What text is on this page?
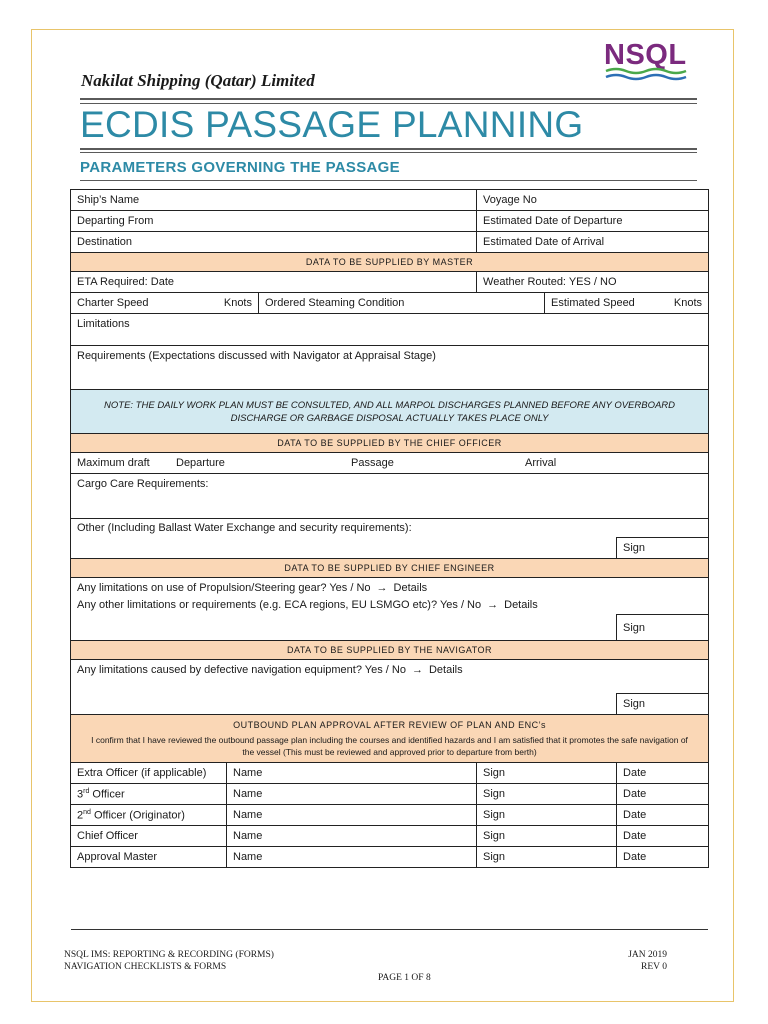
Nakilat Shipping (Qatar) Limited
NSQL
ECDIS PASSAGE PLANNING
PARAMETERS GOVERNING THE PASSAGE
Ship’s Name			Voyage No		
Departing From			Estimated Date of Departure		
Destination			Estimated Date of Arrival		
DATA TO BE SUPPLIED BY MASTER					
ETA Required: Date			Weather Routed: YES / NO		

Charter Speed Knots		Ordered Steaming Condition		Estimated Speed Knots	

Limitations					
Requirements (Expectations discussed with Navigator at Appraisal Stage)					
NOTE: THE DAILY WORK PLAN MUST BE CONSULTED, AND ALL MARPOL DISCHARGES PLANNED BEFORE ANY OVERBOARD DISCHARGE OR GARBAGE DISPOSAL ACTUALLY TAKES PLACE ONLY					
DATA TO BE SUPPLIED BY THE CHIEF OFFICER					
Maximum draft Departure Passage Arrival					

Cargo Care Requirements:					
Other (Including Ballast Water Exchange and security requirements):					
					Sign
DATA TO BE SUPPLIED BY CHIEF ENGINEER					

Any limitations on use of Propulsion/Steering gear? Yes / No → Details
Any other limitations or requirements (e.g. ECA regions, EU LSMGO etc)? Yes / No → Details					

					Sign
DATA TO BE SUPPLIED BY THE NAVIGATOR					
Any limitations caused by defective navigation equipment? Yes / No → Details					
					Sign

OUTBOUND PLAN APPROVAL AFTER REVIEW OF PLAN AND ENC’s
I confirm that I have reviewed the outbound passage plan including the courses and identified hazards and I am satisfied that it promotes the safe navigation of the vessel (This must be reviewed and approved prior to departure from berth)					

Extra Officer (if applicable)	Name		Sign		Date
3rd Officer	Name		Sign		Date
2nd Officer (Originator)	Name		Sign		Date
Chief Officer	Name		Sign		Date
Approval Master	Name		Sign		Date
NSQL IMS: REPORTING & RECORDING (FORMS)
NAVIGATION CHECKLISTS & FORMS
PAGE 1 OF 8
JAN 2019
REV 0
